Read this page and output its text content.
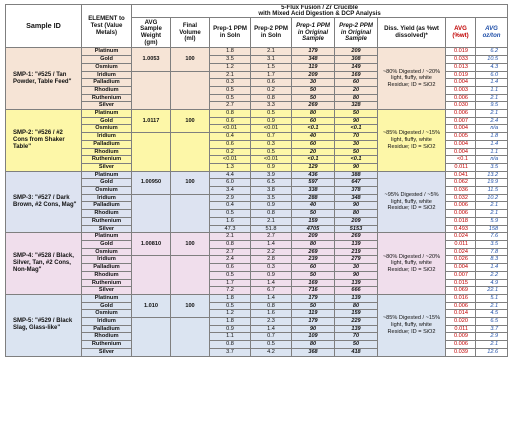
Sample ID	ELEMENT to Test (Value Metals)	5-Flux Fusion / Zr Crucible
with Mixed Acid Digestion & DCP Analysis								

		AVG Sample Weight (gm)	Final Volume (ml)	Prep-1 PPM in Soln	Prep-2 PPM in Soln	Prep-1 PPM in Original Sample	Prep-2 PPM in Original Sample	Diss. Yield (as %wt dissolved)*	AVG (%wt)	AVG oz/ton
SMP-1: "#525 / Tan Powder, Table Feed"	Platinum	1.0053	100	1.8	2.1	179	209	~80% Digested / ~20% light, fluffy, white Residue; ID = SiO2	0.019	6.2
	Gold			3.5	3.1	348	308		0.033	10.5
	Osmium			1.2	1.5	119	149		0.013	4.3
	Iridium			2.1	1.7	209	169		0.019	6.0
	Palladium			0.3	0.6	30	60		0.004	1.4
	Rhodium			0.5	0.2	50	20		0.003	1.1
	Ruthenium			0.5	0.8	50	80		0.006	2.1
	Silver			2.7	3.3	269	328		0.030	9.5
SMP-2: "#526 / #2 Cons from Shaker Table"	Platinum	1.0117	100	0.8	0.5	80	50	~85% Digested / ~15% light, fluffy, white Residue; ID = SiO2	0.006	2.1
	Gold			0.6	0.9	60	90		0.007	2.4
	Osmium			<0.01	<0.01	<0.1	<0.1		0.004	n/a
	Iridium			0.4	0.7	40	70		0.005	1.8
	Palladium			0.6	0.3	60	30		0.004	1.4
	Rhodium			0.2	0.5	20	50		0.004	1.1
	Ruthenium			<0.01	<0.01	<0.1	<0.1		<0.1	n/a
	Silver			1.3	0.9	129	90		0.011	3.5
SMP-3: "#527 / Dark Brown, #2 Cons, Mag"	Platinum	1.00950	100	4.4	3.9	436	388	~95% Digested / ~5% light, fluffy, white Residue; ID = SiO2	0.041	13.2
	Gold			6.0	6.5	597	647		0.062	19.9
	Osmium			3.4	3.8	338	378		0.036	11.5
	Iridium			2.9	3.5	288	348		0.032	10.2
	Palladium			0.4	0.9	40	90		0.006	2.1
	Rhodium			0.5	0.8	50	80		0.006	2.1
	Ruthenium			1.6	2.1	159	209		0.018	5.9
	Silver			47.3	51.8	4705	5153		0.493	158
SMP-4: "#528 / Black, Silver, Tan, #2 Cons, Non-Mag"	Platinum	1.00810	100	2.1	2.7	209	269	~80% Digested / ~20% light, fluffy, white Residue; ID = SiO2	0.024	7.6
	Gold			0.8	1.4	80	139		0.011	3.5
	Osmium			2.7	2.2	269	219		0.024	7.8
	Iridium			2.4	2.8	239	279		0.026	8.3
	Palladium			0.6	0.3	60	30		0.004	1.4
	Rhodium			0.5	0.9	50	90		0.007	2.2
	Ruthenium			1.7	1.4	169	139		0.015	4.9
	Silver			7.2	6.7	716	666		0.069	22.1
SMP-5: "#529 / Black Slag, Glass-like"	Platinum	1.010	100	1.8	1.4	179	139	~85% Digested / ~15% light, fluffy, white Residue; ID = SiO2	0.016	5.1
	Gold			0.5	0.8	50	80		0.006	2.1
	Osmium			1.2	1.6	119	159		0.014	4.5
	Iridium			1.8	2.3	179	229		0.020	6.5
	Palladium			0.9	1.4	90	139		0.011	3.7
	Rhodium			1.1	0.7	109	70		0.009	2.9
	Ruthenium			0.8	0.5	80	50		0.006	2.1
	Silver			3.7	4.2	368	418		0.039	12.6
